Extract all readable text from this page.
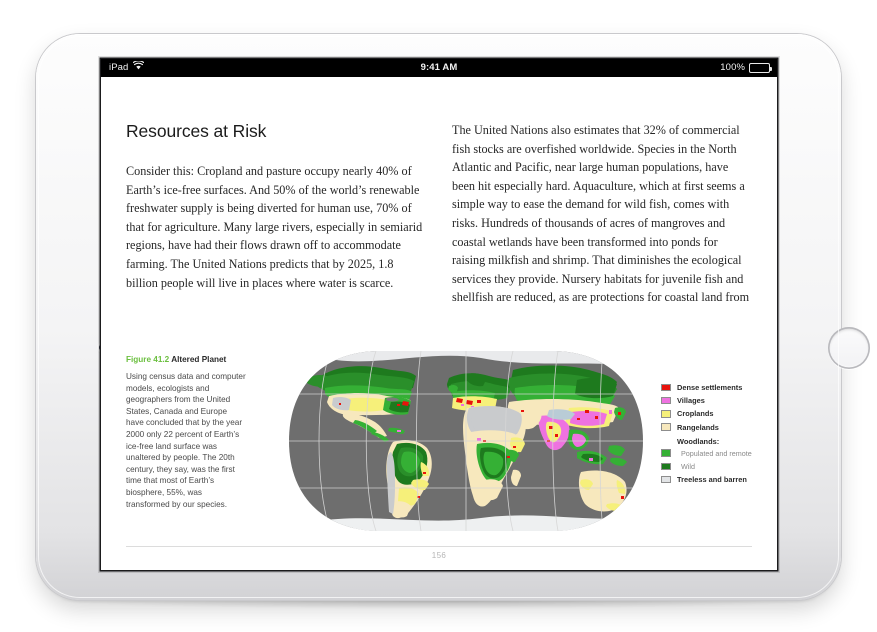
iPad	9:41 AM	100%
Resources at Risk

Consider this: Cropland and pasture occupy nearly 40% of Earth’s ice-free surfaces. And 50% of the world’s renewable freshwater supply is being diverted for human use, 70% of that for agriculture. Many large rivers, especially in semiarid regions, have had their flows drawn off to accommodate farming. The United Nations predicts that by 2025, 1.8 billion people will live in places where water is scarce.

The United Nations also estimates that 32% of commercial fish stocks are overfished worldwide. Species in the North Atlantic and Pacific, near large human populations, have been hit especially hard. Aquaculture, which at first seems a simple way to ease the demand for wild fish, comes with risks. Hundreds of thousands of acres of mangroves and coastal wetlands have been transformed into ponds for raising milkfish and shrimp. That diminishes the ecological services they provide. Nursery habitats for juvenile fish and shellfish are reduced, as are protections for coastal land from

Figure 41.2 Altered Planet
Using census data and computer models, ecologists and geographers from the United States, Canada and Europe have concluded that by the year 2000 only 22 percent of Earth’s ice-free land surface was unaltered by people. The 20th century, they say, was the first time that most of Earth’s biosphere, 55%, was transformed by our species.
Dense settlements
Villages
Croplands
Rangelands
Woodlands:
Populated and remote
Wild
Treeless and barren
156
